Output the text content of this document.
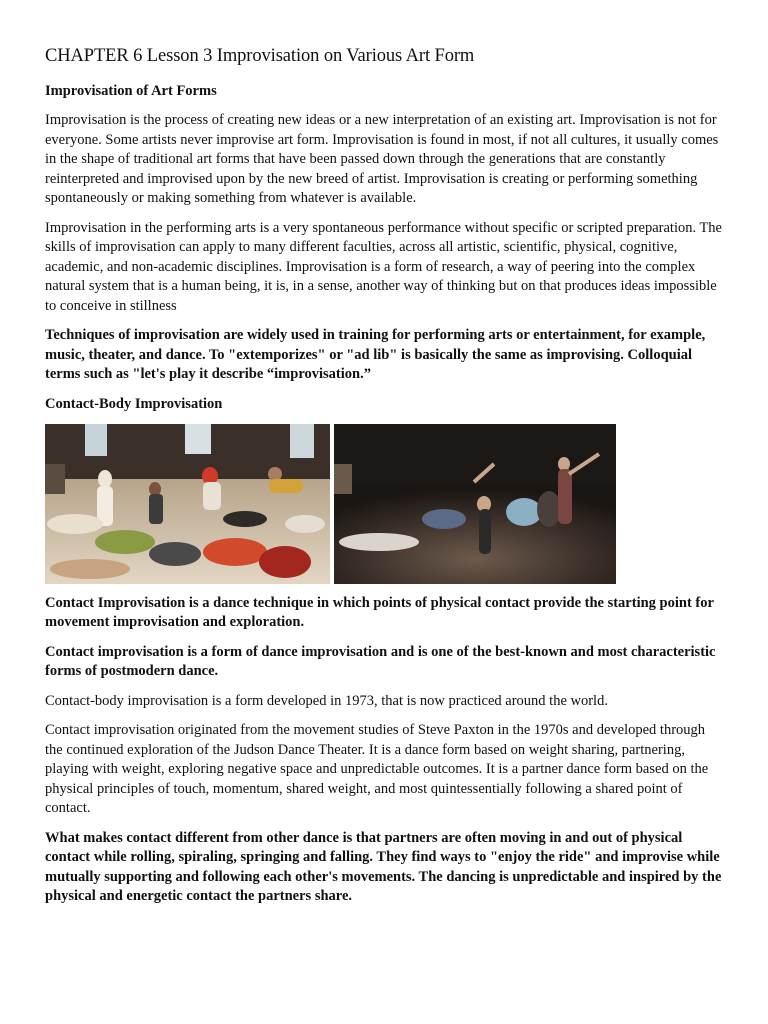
CHAPTER 6 Lesson 3 Improvisation on Various Art Form
Improvisation of Art Forms

Improvisation is the process of creating new ideas or a new interpretation of an existing art. Improvisation is not for everyone. Some artists never improvise art form. Improvisation is found in most, if not all cultures, it usually comes in the shape of traditional art forms that have been passed down through the generations that are constantly reinterpreted and improvised upon by the new breed of artist. Improvisation is creating or performing something spontaneously or making something from whatever is available.

Improvisation in the performing arts is a very spontaneous performance without specific or scripted preparation. The skills of improvisation can apply to many different faculties, across all artistic, scientific, physical, cognitive, academic, and non-academic disciplines. Improvisation is a form of research, a way of peering into the complex natural system that is a human being, it is, in a sense, another way of thinking but on that produces ideas impossible to conceive in stillness

Techniques of improvisation are widely used in training for performing arts or entertainment, for example, music, theater, and dance. To "extemporizes" or "ad lib" is basically the same as improvising. Colloquial terms such as "let's play it describe “improvisation.”

Contact-Body Improvisation

Contact Improvisation is a dance technique in which points of physical contact provide the starting point for movement improvisation and exploration.

Contact improvisation is a form of dance improvisation and is one of the best-known and most characteristic forms of postmodern dance.

Contact-body improvisation is a form developed in 1973, that is now practiced around the world.

Contact improvisation originated from the movement studies of Steve Paxton in the 1970s and developed through the continued exploration of the Judson Dance Theater. It is a dance form based on weight sharing, partnering, playing with weight, exploring negative space and unpredictable outcomes. It is a partner dance form based on the physical principles of touch, momentum, shared weight, and most quintessentially following a shared point of contact.

What makes contact different from other dance is that partners are often moving in and out of physical contact while rolling, spiraling, springing and falling. They find ways to "enjoy the ride" and improvise while mutually supporting and following each other's movements. The dancing is unpredictable and inspired by the physical and energetic contact the partners share.
